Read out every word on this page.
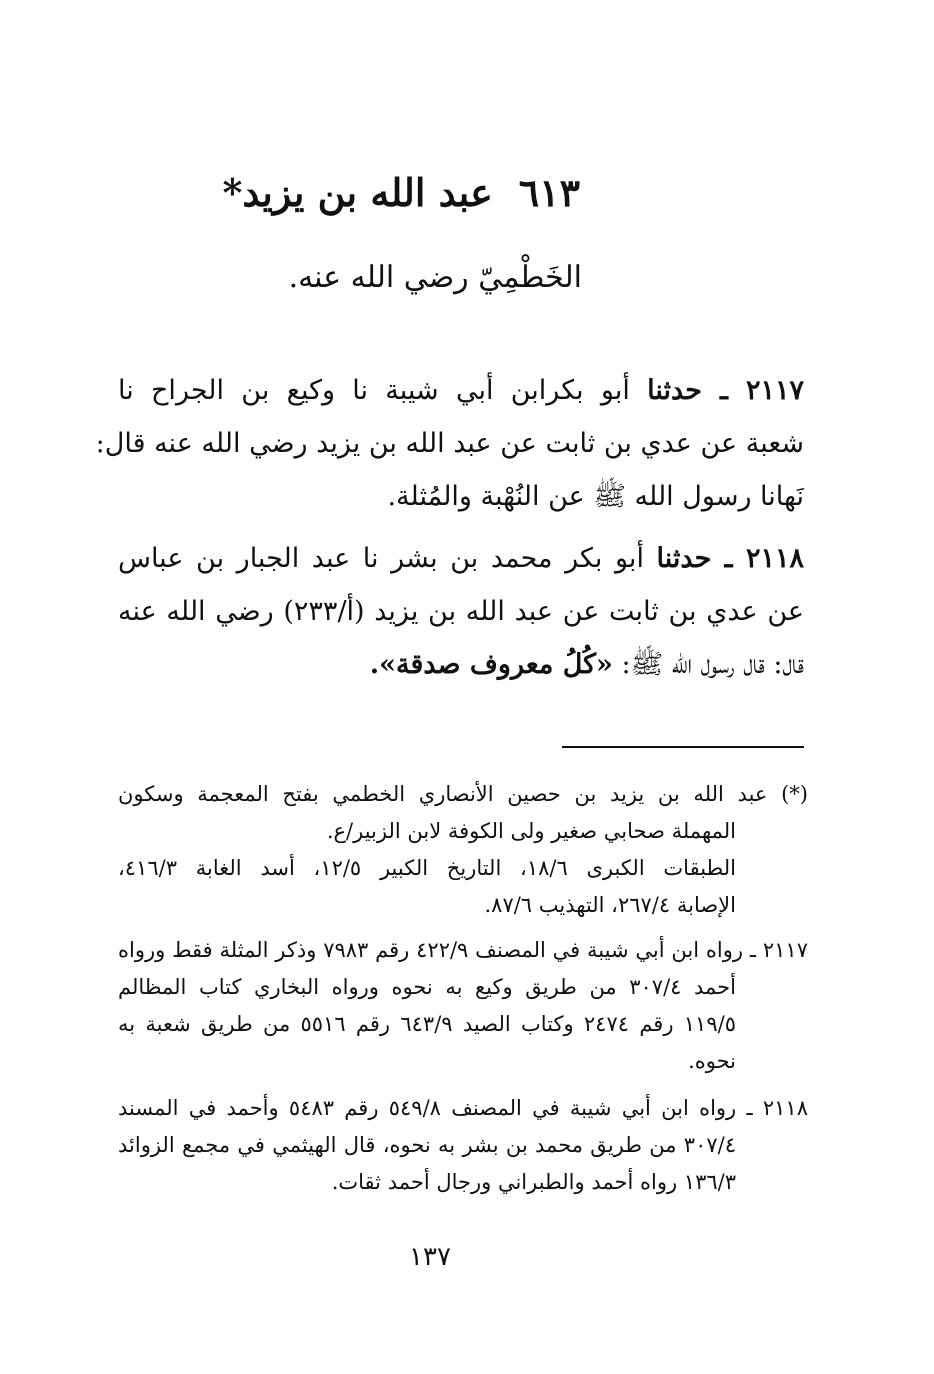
٦١٣عبد الله بن يزيد*
الخَطْمِيّ رضي الله عنه.
٢١١٧ ـ حدثنا أبو بكرابن أبي شيبة نا وكيع بن الجراح نا
شعبة عن عدي بن ثابت عن عبد الله بن يزيد رضي الله عنه قال:
نَهانا رسول الله ﷺ عن النُهْبة والمُثلة.
٢١١٨ ـ حدثنا أبو بكر محمد بن بشر نا عبد الجبار بن عباس
عن عدي بن ثابت عن عبد الله بن يزيد (أ/٢٣٣) رضي الله عنه
قال: قال رسول الله ﷺ: «كُلُ معروف صدقة».
(*) عبد الله بن يزيد بن حصين الأنصاري الخطمي بفتح المعجمة وسكون
المهملة صحابي صغير ولى الكوفة لابن الزبير/ع.
الطبقات الكبرى ١٨/٦، التاريخ الكبير ١٢/٥، أسد الغابة ٤١٦/٣،
الإصابة ٢٦٧/٤، التهذيب ٨٧/٦.
٢١١٧ ـ رواه ابن أبي شيبة في المصنف ٤٢٢/٩ رقم ٧٩٨٣ وذكر المثلة فقط ورواه
أحمد ٣٠٧/٤ من طريق وكيع به نحوه ورواه البخاري كتاب المظالم
١١٩/٥ رقم ٢٤٧٤ وكتاب الصيد ٦٤٣/٩ رقم ٥٥١٦ من طريق شعبة به
نحوه.
٢١١٨ ـ رواه ابن أبي شيبة في المصنف ٥٤٩/٨ رقم ٥٤٨٣ وأحمد في المسند
٣٠٧/٤ من طريق محمد بن بشر به نحوه، قال الهيثمي في مجمع الزوائد
١٣٦/٣ رواه أحمد والطبراني ورجال أحمد ثقات.
١٣٧
